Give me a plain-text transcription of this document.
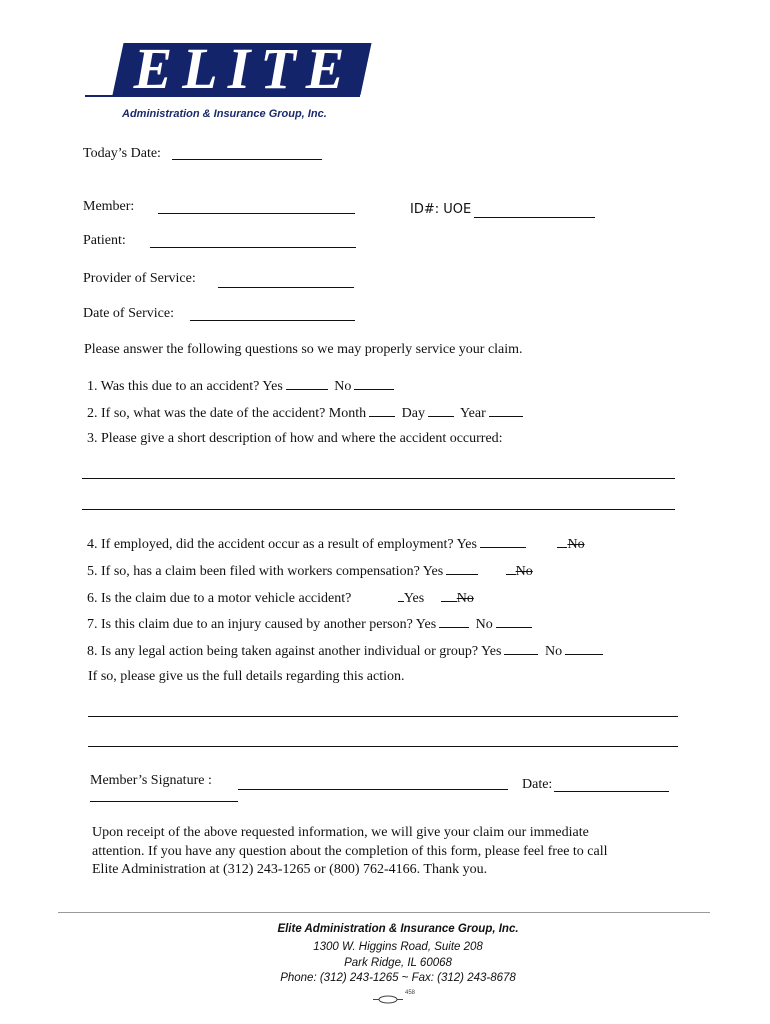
ELITE
Administration & Insurance Group, Inc.
Today’s Date:
Member:	ID#: UOE
Patient:
Provider of Service:
Date of Service:
Please answer the following questions so we may properly service your claim.
1. Was this due to an accident? Yes	No
2. If so, what was the date of the accident? Month	Day Year
3. Please give a short description of how and where the accident occurred:
4. If employed, did the accident occur as a result of employment? Yes	No
5. If so, has a claim been filed with workers compensation? Yes	No
6. Is the claim due to a motor vehicle accident?	Yes No
7. Is this claim due to an injury caused by another person? Yes	No
8. Is any legal action being taken against another individual or group? Yes	No
If so, please give us the full details regarding this action.
Member’s Signature :	Date:
Upon receipt of the above requested information, we will give your claim our immediate
attention. If you have any question about the completion of this form, please feel free to call
Elite Administration at (312) 243-1265 or (800) 762-4166. Thank you.
Elite Administration & Insurance Group, Inc.
1300 W. Higgins Road, Suite 208
Park Ridge, IL 60068
Phone: (312) 243-1265 ~ Fax: (312) 243-8678
458
